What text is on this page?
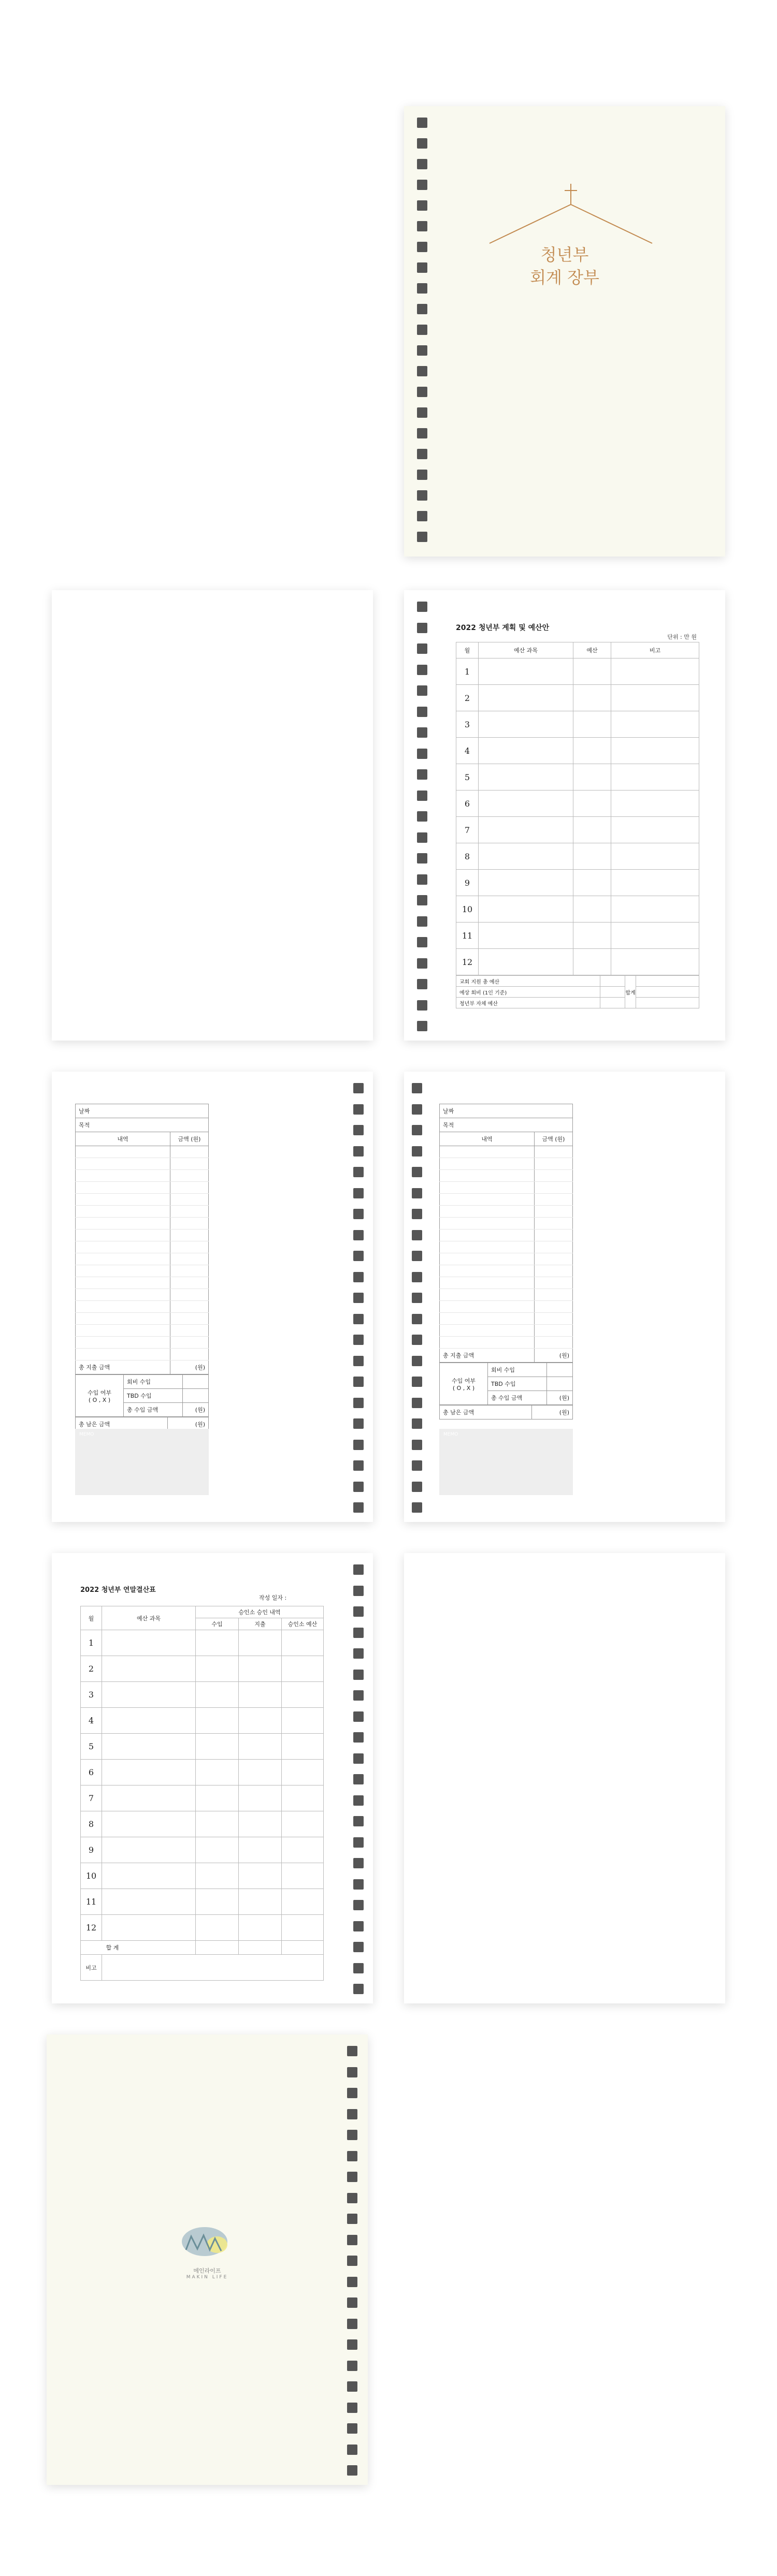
청년부
회계 장부
2022 청년부 계획 및 예산안
단위 : 만 원
월	예산 과목	예산	비고
1			
2			
3			
4			
5			
6			
7			
8			
9			
10			
11			
12			
교회 지원 총 예산		합계	
예상 회비 (1인 기준)			
청년부 자체 예산			
날짜	
목적	
내역	금액 (원)

총 지출 금액	(원)
수입 여부
( O , X )	회비 수입	
	TBD 수입	
	총 수입 금액	(원)
총 남은 금액	(원)
MEMO
날짜	
목적	
내역	금액 (원)

총 지출 금액	(원)
수입 여부
( O , X )	회비 수입	
	TBD 수입	
	총 수입 금액	(원)
총 남은 금액	(원)
MEMO
2022 청년부 연말결산표
작성 일자 :
월	예산 과목	승인소 승인 내역		
		수입	지출	승인소 예산
1				
2				
3				
4				
5				
6				
7				
8				
9				
10				
11				
12				
합 계				
비고				
메인라이프
MAKIN LIFE
